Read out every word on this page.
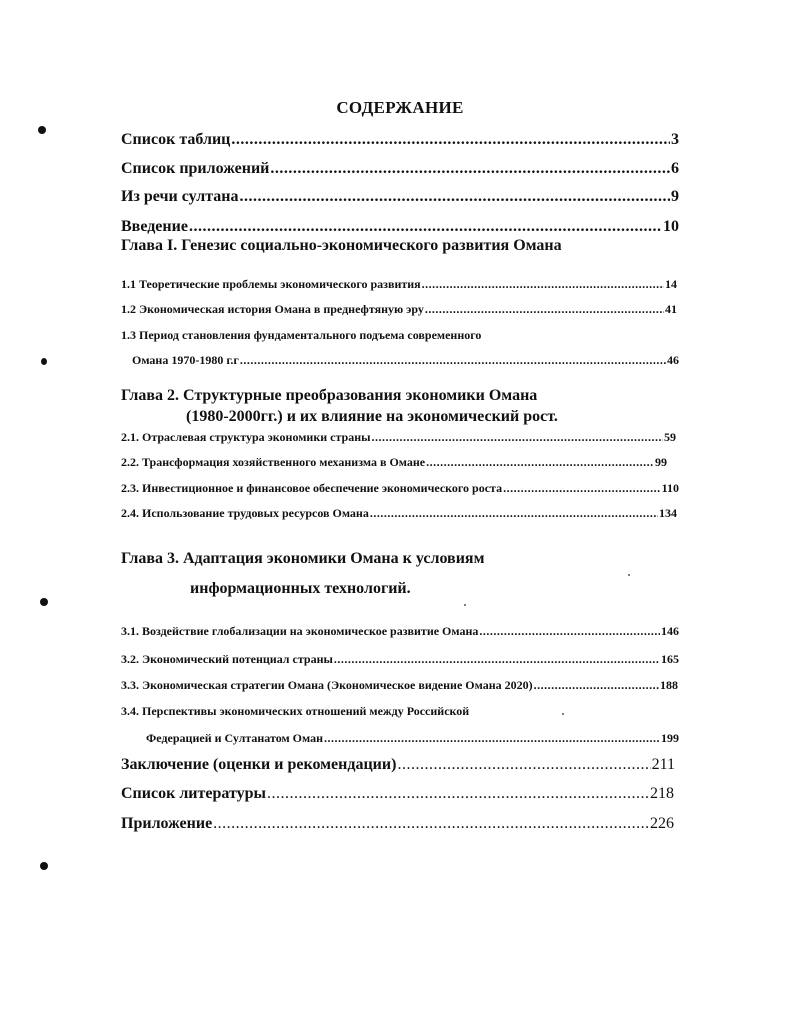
СОДЕРЖАНИЕ
Список таблиц .....	3
Список приложений .....	6
Из речи султана .....	9
Введение .....	10
Глава I. Генезис социально-экономического развития Омана
1.1 Теоретические проблемы экономического развития .....	14
1.2 Экономическая история Омана в преднефтяную эру .....	41
1.3 Период становления фундаментального подъема современного
Омана 1970-1980 г.г .....	46
Глава 2. Структурные преобразования экономики Омана
(1980-2000гг.) и их влияние на экономический рост.
2.1. Отраслевая структура экономики страны .....	59
2.2. Трансформация хозяйственного механизма в Омане .....	99
2.3. Инвестиционное и финансовое обеспечение экономического роста .....	110
2.4. Использование трудовых ресурсов Омана .....	134
Глава 3. Адаптация экономики Омана к условиям
информационных технологий.
3.1. Воздействие глобализации на экономическое развитие Омана .....	146
3.2. Экономический потенциал страны .....	165
3.3. Экономическая стратегии Омана (Экономическое видение Омана 2020) .....	188
3.4. Перспективы экономических отношений между Российской
Федерацией и Султанатом Оман .....	199
Заключение (оценки и рекомендации) .....	211
Список литературы .....	218
Приложение .....	226
